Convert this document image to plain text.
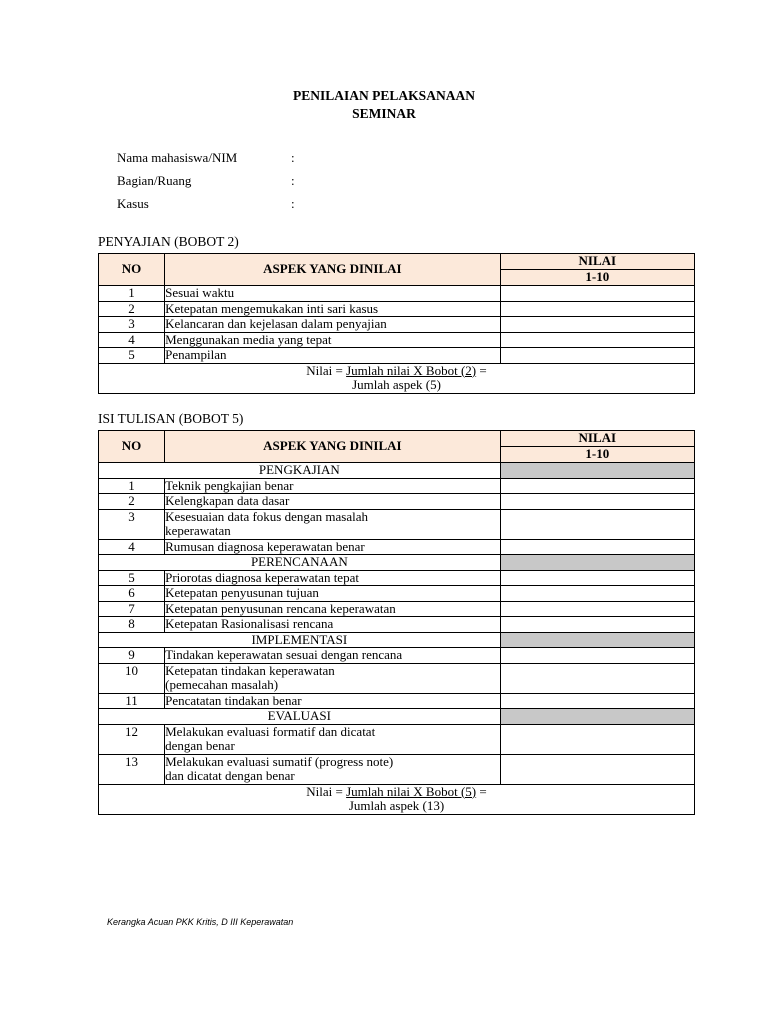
PENILAIAN PELAKSANAAN
SEMINAR
Nama mahasiswa/NIM	:
Bagian/Ruang	:
Kasus	:
PENYAJIAN (BOBOT 2)
NO	ASPEK YANG DINILAI	NILAI
		1-10
1	Sesuai waktu	

2	Ketepatan mengemukakan inti sari kasus	

3	Kelancaran dan kejelasan dalam penyajian	

4	Menggunakan media yang tepat	

5	Penampilan	

Nilai = Jumlah nilai X Bobot (2) =
Jumlah aspek (5)		
ISI TULISAN (BOBOT 5)
NO	ASPEK YANG DINILAI	NILAI
		1-10
PENGKAJIAN		
1	Teknik pengkajian benar	

2	Kelengkapan data dasar	

3	Kesesuaian data fokus dengan masalah
keperawatan	

4	Rumusan diagnosa keperawatan benar	

PERENCANAAN		
5	Priorotas diagnosa keperawatan tepat	

6	Ketepatan penyusunan tujuan	

7	Ketepatan penyusunan rencana keperawatan	

8	Ketepatan Rasionalisasi rencana	

IMPLEMENTASI		
9	Tindakan keperawatan sesuai dengan rencana	

10	Ketepatan tindakan keperawatan
(pemecahan masalah)	

11	Pencatatan tindakan benar	

EVALUASI		
12	Melakukan evaluasi formatif dan dicatat
dengan benar	

13	Melakukan evaluasi sumatif (progress note)
dan dicatat dengan benar	

Nilai = Jumlah nilai X Bobot (5) =
Jumlah aspek (13)		
Kerangka Acuan PKK Kritis, D III Keperawatan
